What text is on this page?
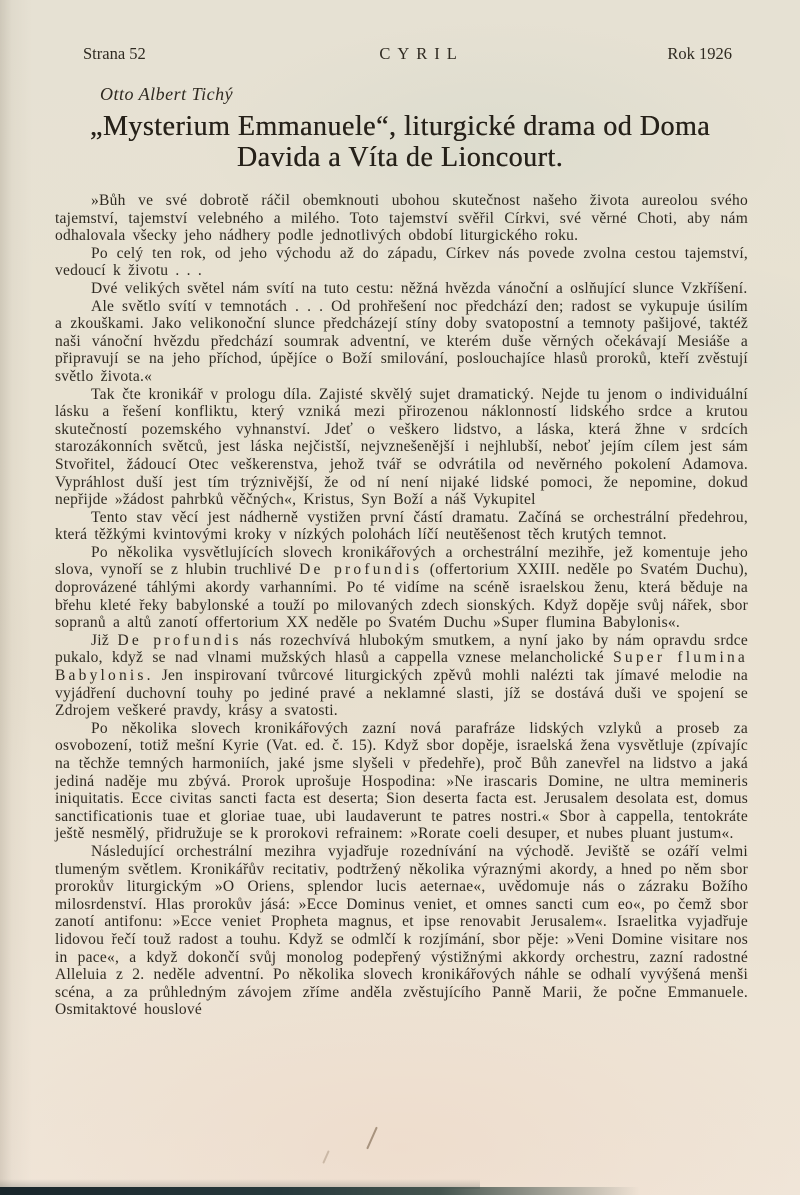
Strana 52	CYRIL	Rok 1926
Otto Albert Tichý
„Mysterium Emmanuele“, liturgické drama od Doma
Davida a Víta de Lioncourt.

»Bůh ve své dobrotě ráčil obemknouti ubohou skutečnost našeho života aureolou svého tajemství, tajemství velebného a milého. Toto tajemství svěřil Církvi, své věrné Choti, aby nám odhalovala všecky jeho nádhery podle jednotlivých období liturgického roku.

Po celý ten rok, od jeho východu až do západu, Církev nás povede zvolna cestou tajemství, vedoucí k životu . . .

Dvé velikých světel nám svítí na tuto cestu: něžná hvězda vánoční a oslňující slunce Vzkříšení.

Ale světlo svítí v temnotách . . . Od prohřešení noc předchází den; radost se vykupuje úsilím a zkouškami. Jako velikonoční slunce předcházejí stíny doby svatopostní a temnoty pašijové, taktéž naši vánoční hvězdu předchází soumrak adventní, ve kterém duše věrných očekávají Mesiáše a připravují se na jeho příchod, úpějíce o Boží smilování, poslouchajíce hlasů proroků, kteří zvěstují světlo života.«

Tak čte kronikář v prologu díla. Zajisté skvělý sujet dramatický. Nejde tu jenom o individuální lásku a řešení konfliktu, který vzniká mezi přirozenou náklonností lidského srdce a krutou skutečností pozemského vyhnanství. Jdeť o veškero lidstvo, a láska, která žhne v srdcích starozákonních světců, jest láska nejčistší, nejvznešenější i nejhlubší, neboť jejím cílem jest sám Stvořitel, žádoucí Otec veškerenstva, jehož tvář se odvrátila od nevěrného pokolení Adamova. Vypráhlost duší jest tím trýznivější, že od ní není nijaké lidské pomoci, že nepomine, dokud nepřijde »žádost pahrbků věčných«, Kristus, Syn Boží a náš Vykupitel

Tento stav věcí jest nádherně vystižen první částí dramatu. Začíná se orchestrální předehrou, která těžkými kvintovými kroky v nízkých polohách líčí neutěšenost těch krutých temnot.

Po několika vysvětlujících slovech kronikářových a orchestrální mezihře, jež komentuje jeho slova, vynoří se z hlubin truchlivé De profundis (offertorium XXIII. neděle po Svatém Duchu), doprovázené táhlými akordy varhanními. Po té vidíme na scéně israelskou ženu, která běduje na břehu kleté řeky babylonské a touží po milovaných zdech sionských. Když dopěje svůj nářek, sbor sopranů a altů zanotí offertorium XX neděle po Svatém Duchu »Super flumina Babylonis«.

Již De profundis nás rozechvívá hlubokým smutkem, a nyní jako by nám opravdu srdce pukalo, když se nad vlnami mužských hlasů a cappella vznese melancholické Super flumina Babylonis. Jen inspirovaní tvůrcové liturgických zpěvů mohli nalézti tak jímavé melodie na vyjádření duchovní touhy po jediné pravé a neklamné slasti, jíž se dostává duši ve spojení se Zdrojem veškeré pravdy, krásy a svatosti.

Po několika slovech kronikářových zazní nová parafráze lidských vzlyků a proseb za osvobození, totiž mešní Kyrie (Vat. ed. č. 15). Když sbor dopěje, israelská žena vysvětluje (zpívajíc na těchže temných harmoniích, jaké jsme slyšeli v předehře), proč Bůh zanevřel na lidstvo a jaká jediná naděje mu zbývá. Prorok uprošuje Hospodina: »Ne irascaris Domine, ne ultra memineris iniquitatis. Ecce civitas sancti facta est deserta; Sion deserta facta est. Jerusalem desolata est, domus sanctificationis tuae et gloriae tuae, ubi laudaverunt te patres nostri.« Sbor à cappella, tentokráte ještě nesmělý, přidružuje se k prorokovi refrainem: »Rorate coeli desuper, et nubes pluant justum«.

Následující orchestrální mezihra vyjadřuje rozednívání na východě. Jeviště se ozáří velmi tlumeným světlem. Kronikářův recitativ, podtržený několika výraznými akordy, a hned po něm sbor prorokův liturgickým »O Oriens, splendor lucis aeternae«, uvědomuje nás o zázraku Božího milosrdenství. Hlas prorokův jásá: »Ecce Dominus veniet, et omnes sancti cum eo«, po čemž sbor zanotí antifonu: »Ecce veniet Propheta magnus, et ipse renovabit Jerusalem«. Israelitka vyjadřuje lidovou řečí touž radost a touhu. Když se odmlčí k rozjímání, sbor pěje: »Veni Domine visitare nos in pace«, a když dokončí svůj monolog podepřený výstižnými akkordy orchestru, zazní radostné Alleluia z 2. neděle adventní. Po několika slovech kronikářových náhle se odhalí vyvýšená menši scéna, a za průhledným závojem zříme anděla zvěstujícího Panně Marii, že počne Emmanuele. Osmitaktové houslové
